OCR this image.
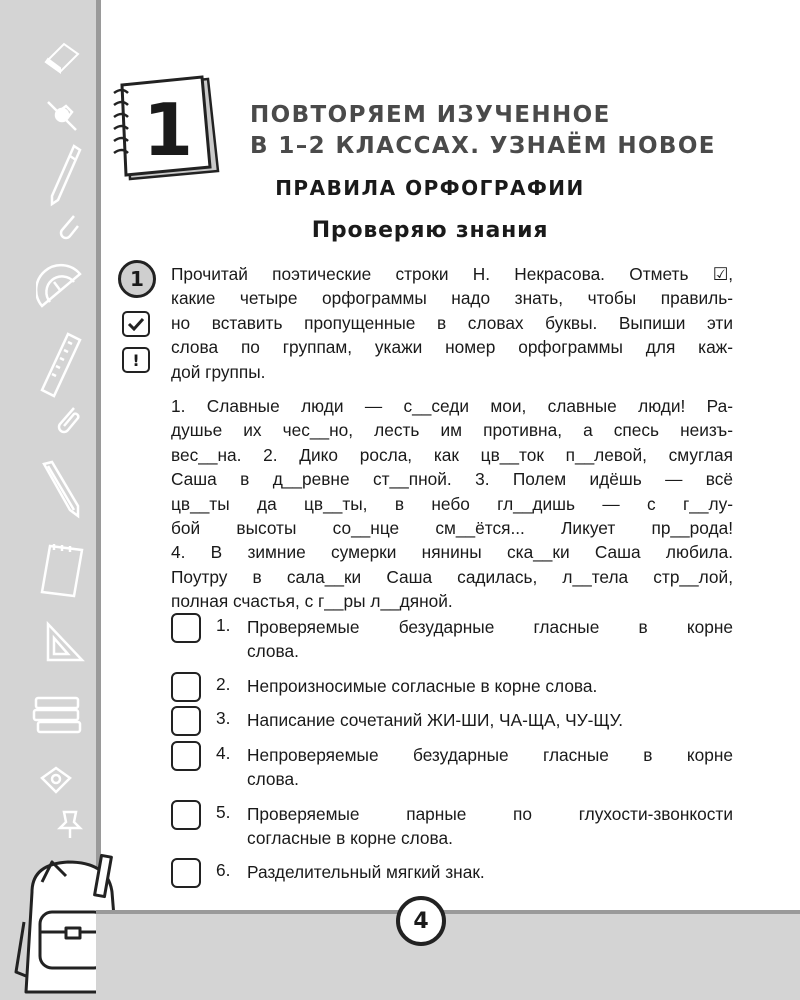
4
1 ПОВТОРЯЕМ ИЗУЧЕННОЕ
В 1–2 КЛАССАХ. УЗНАЁМ НОВОЕ
ПРАВИЛА ОРФОГРАФИИ
Проверяю знания
1
!
Прочитай поэтические строки Н. Некрасова. Отметь ☑,
какие четыре орфограммы надо знать, чтобы правиль-
но вставить пропущенные в словах буквы. Выпиши эти
слова по группам, укажи номер орфограммы для каж-
дой группы.
1. Славные люди — с__седи мои, славные люди! Ра-
душье их чес__но, лесть им противна, а спесь неизъ-
вес__на. 2. Дико росла, как цв__ток п__левой, смуглая
Саша в д__ревне ст__пной. 3. Полем идёшь — всё
цв__ты да цв__ты, в небо гл__дишь — с г__лу-
бой высоты со__нце см__ётся... Ликует пр__рода!
4. В зимние сумерки нянины ска__ки Саша любила.
Поутру в сала__ки Саша садилась, л__тела стр__лой,
полная счастья, с г__ры л__дяной.
1. Проверяемые безударные гласные в корне
слова.
2. Непроизносимые согласные в корне слова.
3. Написание сочетаний ЖИ-ШИ, ЧА-ЩА, ЧУ-ЩУ.
4. Непроверяемые безударные гласные в корне
слова.
5. Проверяемые парные по глухости-звонкости
согласные в корне слова.
6. Разделительный мягкий знак.
